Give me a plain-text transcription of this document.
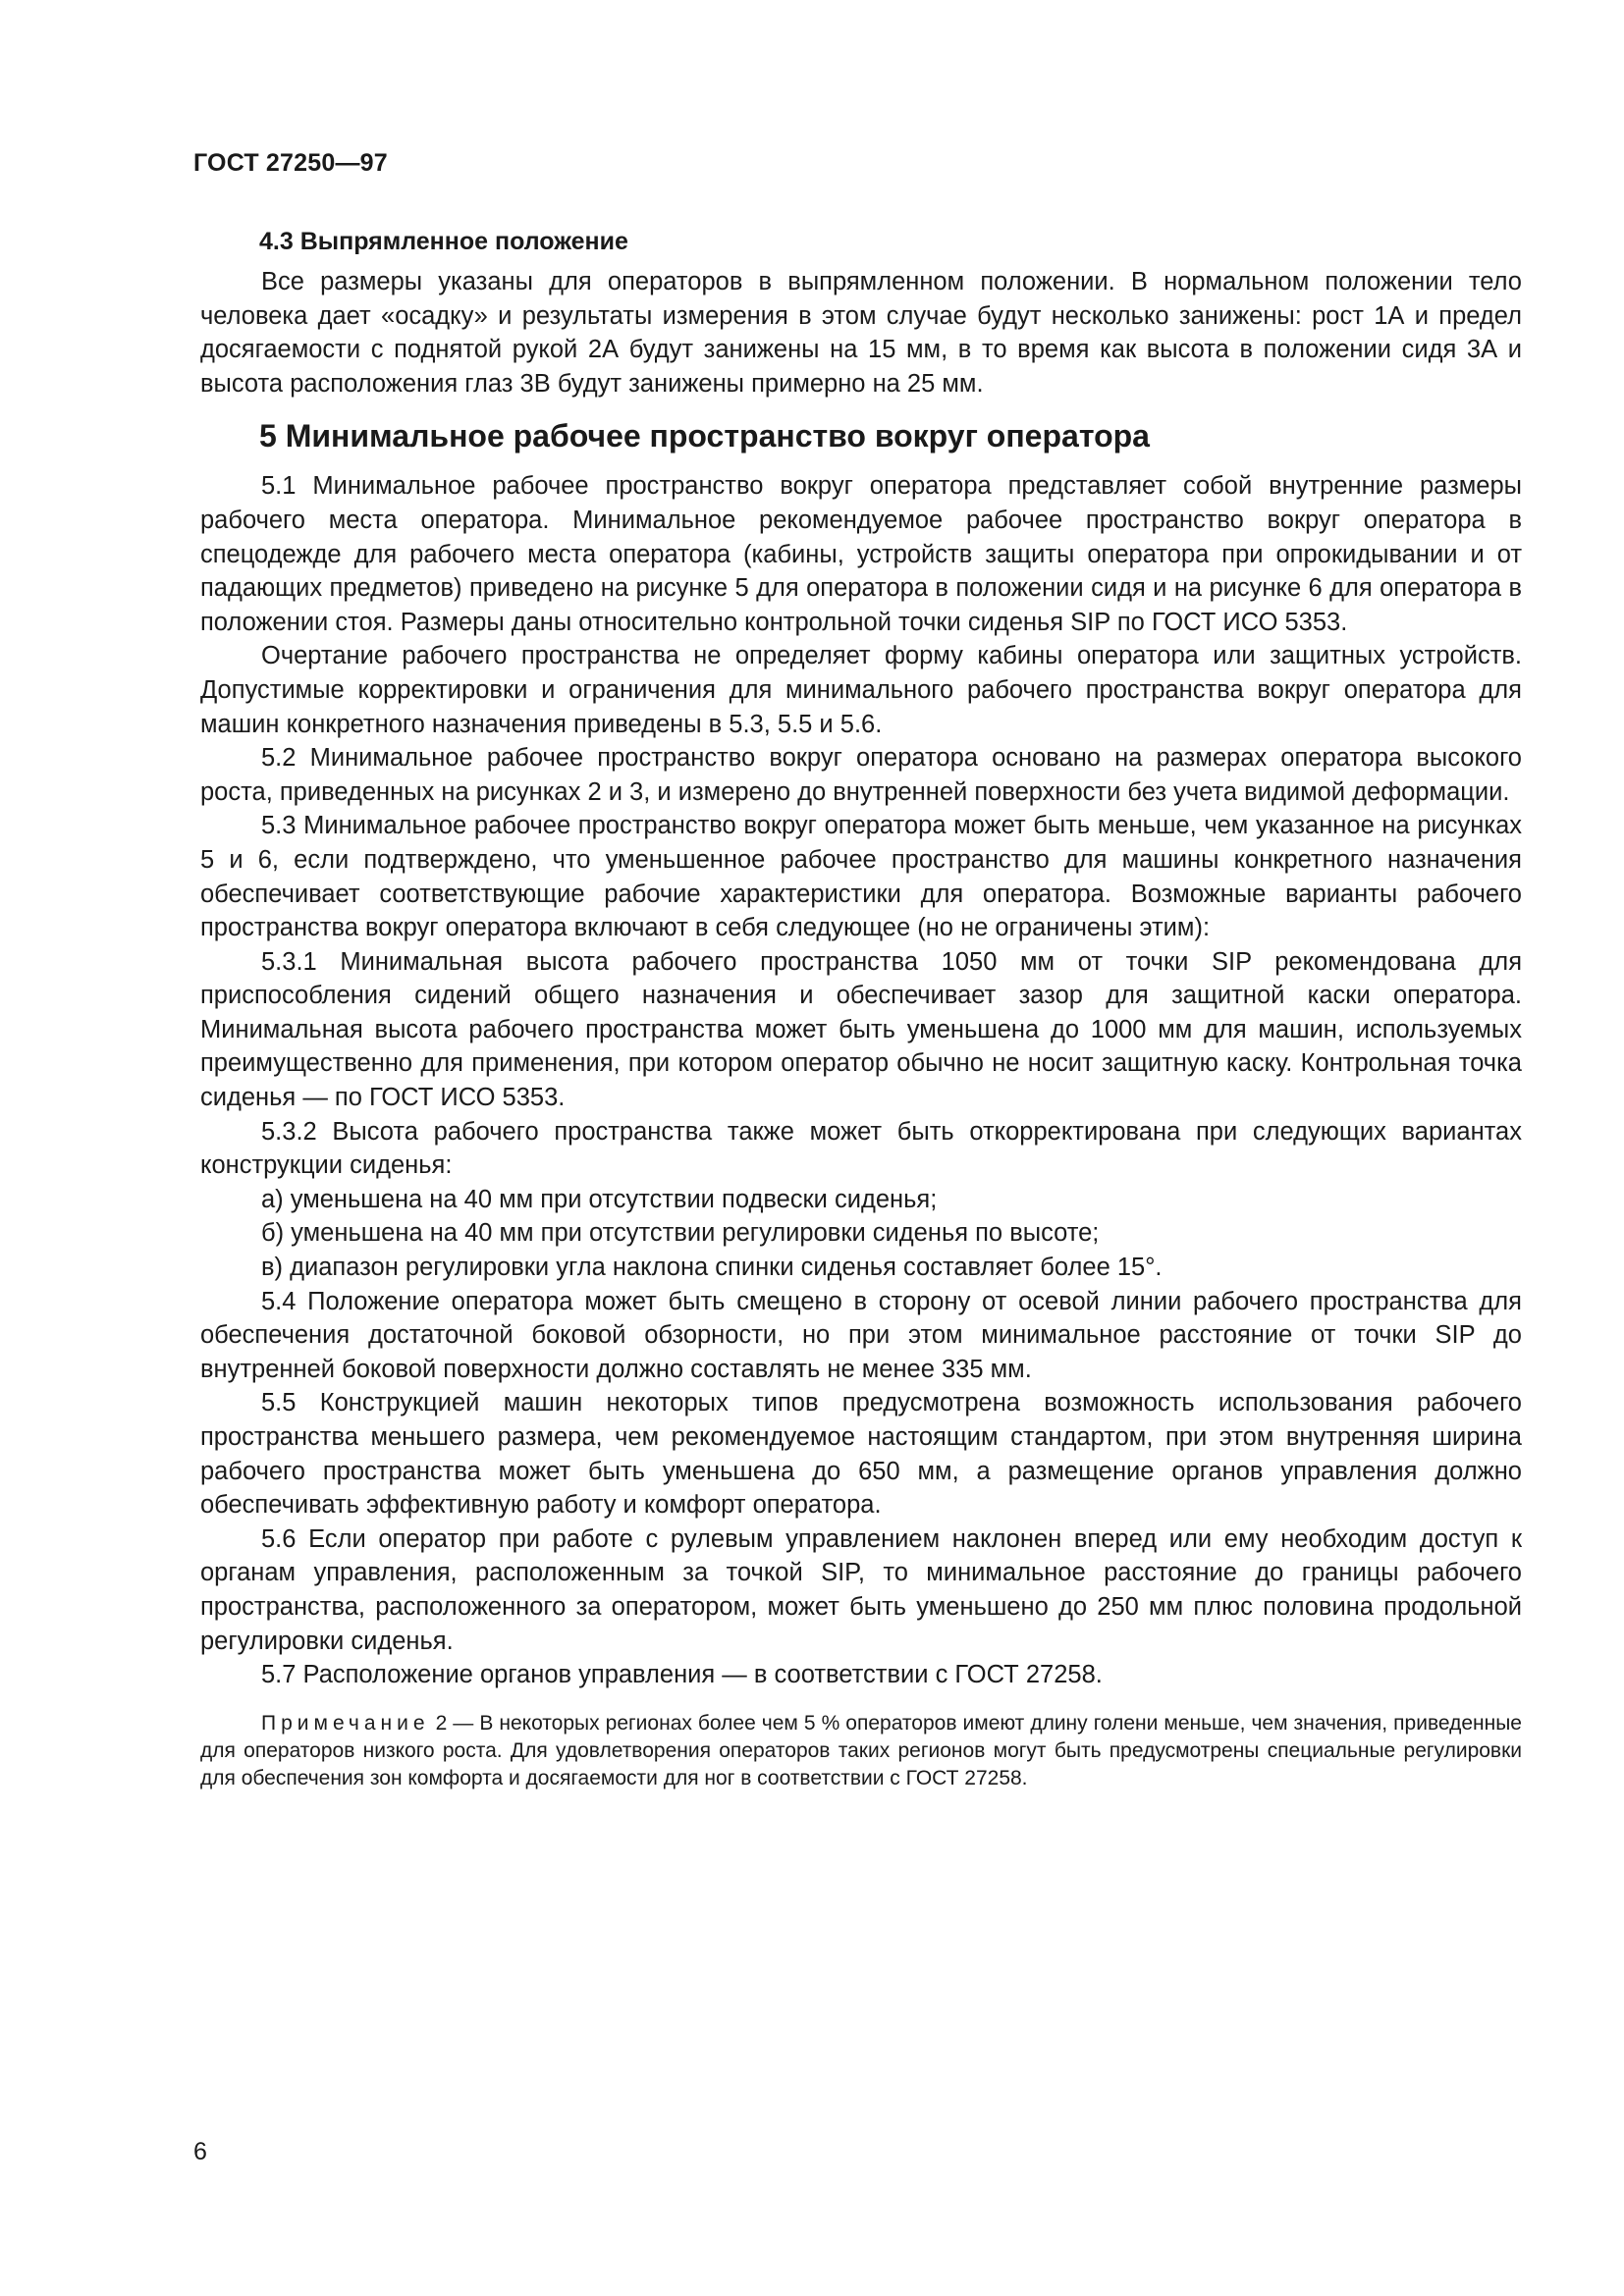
ГОСТ 27250—97
4.3 Выпрямленное положение

Все размеры указаны для операторов в выпрямленном положении. В нормальном положении тело человека дает «осадку» и результаты измерения в этом случае будут несколько занижены: рост 1А и предел досягаемости с поднятой рукой 2А будут занижены на 15 мм, в то время как высота в положении сидя 3А и высота расположения глаз 3В будут занижены примерно на 25 мм.

5 Минимальное рабочее пространство вокруг оператора

5.1 Минимальное рабочее пространство вокруг оператора представляет собой внутренние размеры рабочего места оператора. Минимальное рекомендуемое рабочее пространство вокруг оператора в спецодежде для рабочего места оператора (кабины, устройств защиты оператора при опрокидывании и от падающих предметов) приведено на рисунке 5 для оператора в положении сидя и на рисунке 6 для оператора в положении стоя. Размеры даны относительно контрольной точки сиденья SIP по ГОСТ ИСО 5353.

Очертание рабочего пространства не определяет форму кабины оператора или защитных устройств. Допустимые корректировки и ограничения для минимального рабочего пространства вокруг оператора для машин конкретного назначения приведены в 5.3, 5.5 и 5.6.

5.2 Минимальное рабочее пространство вокруг оператора основано на размерах оператора высокого роста, приведенных на рисунках 2 и 3, и измерено до внутренней поверхности без учета видимой деформации.

5.3 Минимальное рабочее пространство вокруг оператора может быть меньше, чем указанное на рисунках 5 и 6, если подтверждено, что уменьшенное рабочее пространство для машины конкретного назначения обеспечивает соответствующие рабочие характеристики для оператора. Возможные варианты рабочего пространства вокруг оператора включают в себя следующее (но не ограничены этим):

5.3.1 Минимальная высота рабочего пространства 1050 мм от точки SIP рекомендована для приспособления сидений общего назначения и обеспечивает зазор для защитной каски оператора. Минимальная высота рабочего пространства может быть уменьшена до 1000 мм для машин, используемых преимущественно для применения, при котором оператор обычно не носит защитную каску. Контрольная точка сиденья — по ГОСТ ИСО 5353.

5.3.2 Высота рабочего пространства также может быть откорректирована при следующих вариантах конструкции сиденья:

а) уменьшена на 40 мм при отсутствии подвески сиденья;

б) уменьшена на 40 мм при отсутствии регулировки сиденья по высоте;

в) диапазон регулировки угла наклона спинки сиденья составляет более 15°.

5.4 Положение оператора может быть смещено в сторону от осевой линии рабочего пространства для обеспечения достаточной боковой обзорности, но при этом минимальное расстояние от точки SIP до внутренней боковой поверхности должно составлять не менее 335 мм.

5.5 Конструкцией машин некоторых типов предусмотрена возможность использования рабочего пространства меньшего размера, чем рекомендуемое настоящим стандартом, при этом внутренняя ширина рабочего пространства может быть уменьшена до 650 мм, а размещение органов управления должно обеспечивать эффективную работу и комфорт оператора.

5.6 Если оператор при работе с рулевым управлением наклонен вперед или ему необходим доступ к органам управления, расположенным за точкой SIP, то минимальное расстояние до границы рабочего пространства, расположенного за оператором, может быть уменьшено до 250 мм плюс половина продольной регулировки сиденья.

5.7 Расположение органов управления — в соответствии с ГОСТ 27258.

Примечание 2 — В некоторых регионах более чем 5 % операторов имеют длину голени меньше, чем значения, приведенные для операторов низкого роста. Для удовлетворения операторов таких регионов могут быть предусмотрены специальные регулировки для обеспечения зон комфорта и досягаемости для ног в соответствии с ГОСТ 27258.

6
